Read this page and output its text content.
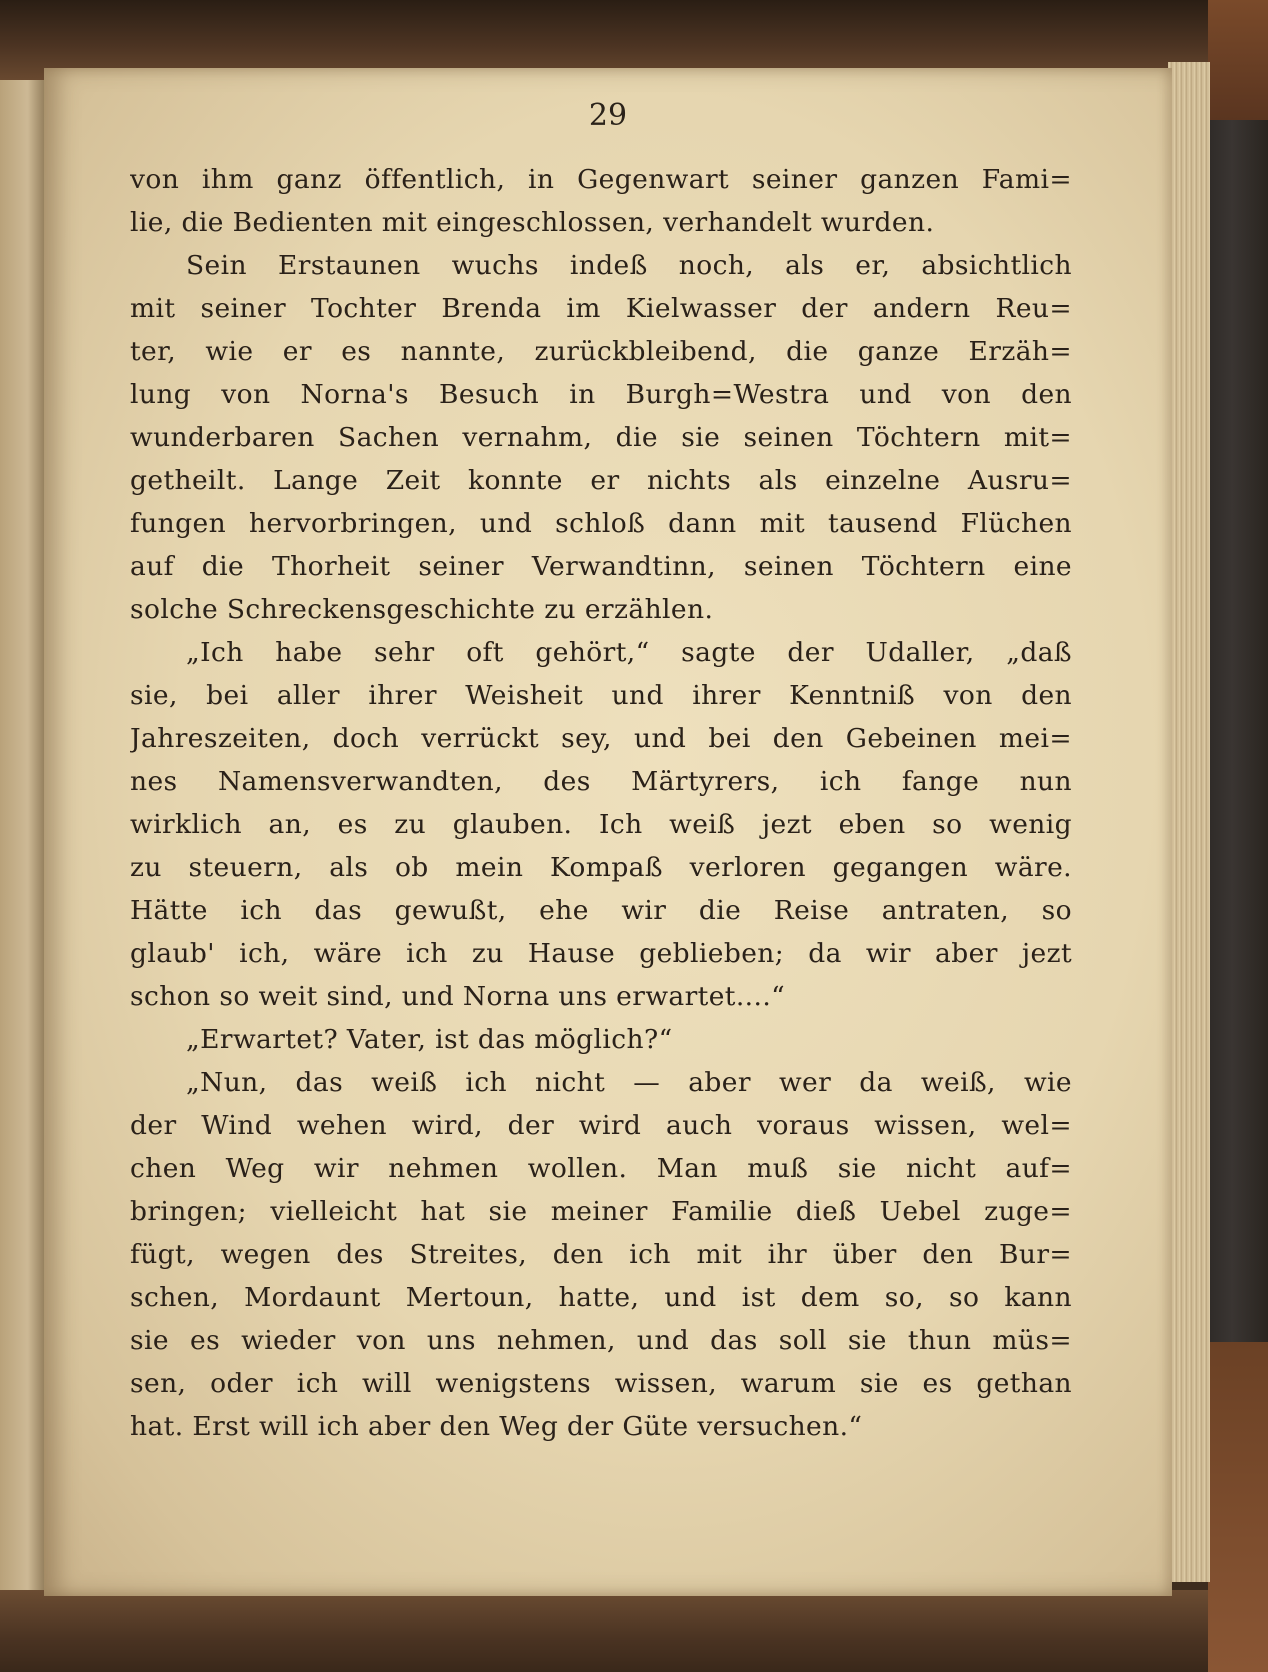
29
von ihm ganz öffentlich, in Gegenwart seiner ganzen Fami=
lie, die Bedienten mit eingeschlossen, verhandelt wurden.
Sein Erstaunen wuchs indeß noch, als er, absichtlich
mit seiner Tochter Brenda im Kielwasser der andern Reu=
ter, wie er es nannte, zurückbleibend, die ganze Erzäh=
lung von Norna's Besuch in Burgh=Westra und von den
wunderbaren Sachen vernahm, die sie seinen Töchtern mit=
getheilt. Lange Zeit konnte er nichts als einzelne Ausru=
fungen hervorbringen, und schloß dann mit tausend Flüchen
auf die Thorheit seiner Verwandtinn, seinen Töchtern eine
solche Schreckensgeschichte zu erzählen.
„Ich habe sehr oft gehört,“ sagte der Udaller, „daß
sie, bei aller ihrer Weisheit und ihrer Kenntniß von den
Jahreszeiten, doch verrückt sey, und bei den Gebeinen mei=
nes Namensverwandten, des Märtyrers, ich fange nun
wirklich an, es zu glauben. Ich weiß jezt eben so wenig
zu steuern, als ob mein Kompaß verloren gegangen wäre.
Hätte ich das gewußt, ehe wir die Reise antraten, so
glaub' ich, wäre ich zu Hause geblieben; da wir aber jezt
schon so weit sind, und Norna uns erwartet....“
„Erwartet? Vater, ist das möglich?“
„Nun, das weiß ich nicht — aber wer da weiß, wie
der Wind wehen wird, der wird auch voraus wissen, wel=
chen Weg wir nehmen wollen. Man muß sie nicht auf=
bringen; vielleicht hat sie meiner Familie dieß Uebel zuge=
fügt, wegen des Streites, den ich mit ihr über den Bur=
schen, Mordaunt Mertoun, hatte, und ist dem so, so kann
sie es wieder von uns nehmen, und das soll sie thun müs=
sen, oder ich will wenigstens wissen, warum sie es gethan
hat. Erst will ich aber den Weg der Güte versuchen.“
